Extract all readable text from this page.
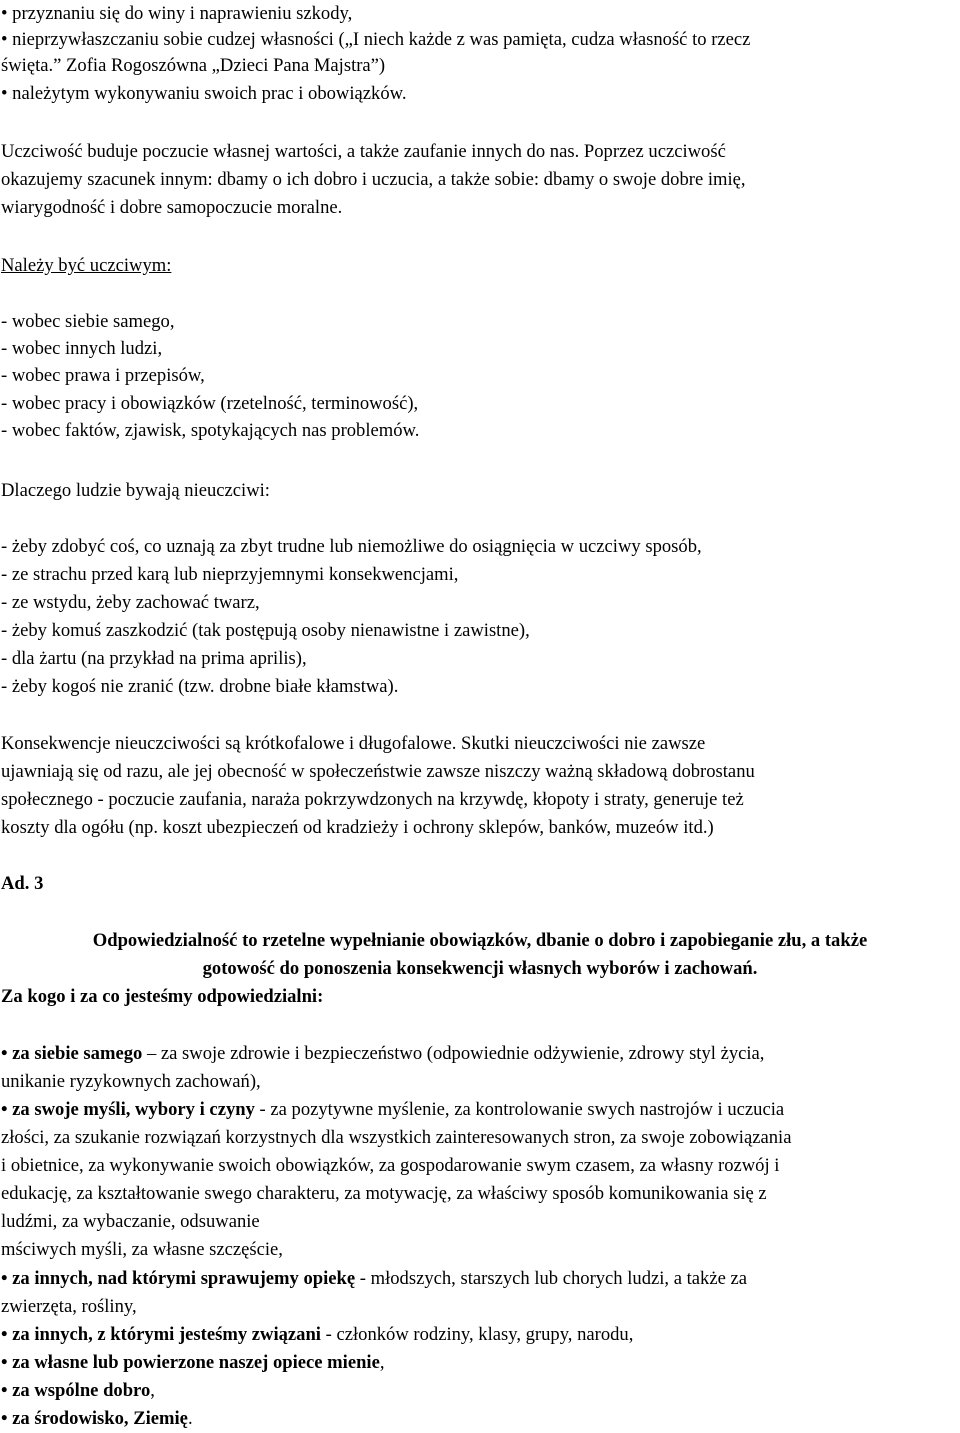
• przyznaniu się do winy i naprawieniu szkody,
• nieprzywłaszczaniu sobie cudzej własności („I niech każde z was pamięta, cudza własność to rzecz
święta.” Zofia Rogoszówna „Dzieci Pana Majstra”)
• należytym wykonywaniu swoich prac i obowiązków.
Uczciwość buduje poczucie własnej wartości, a także zaufanie innych do nas. Poprzez uczciwość
okazujemy szacunek innym: dbamy o ich dobro i uczucia, a także sobie: dbamy o swoje dobre imię,
wiarygodność i dobre samopoczucie moralne.
Należy być uczciwym:
- wobec siebie samego,
- wobec innych ludzi,
- wobec prawa i przepisów,
- wobec pracy i obowiązków (rzetelność, terminowość),
- wobec faktów, zjawisk, spotykających nas problemów.
Dlaczego ludzie bywają nieuczciwi:
- żeby zdobyć coś, co uznają za zbyt trudne lub niemożliwe do osiągnięcia w uczciwy sposób,
- ze strachu przed karą lub nieprzyjemnymi konsekwencjami,
- ze wstydu, żeby zachować twarz,
- żeby komuś zaszkodzić (tak postępują osoby nienawistne i zawistne),
- dla żartu (na przykład na prima aprilis),
- żeby kogoś nie zranić (tzw. drobne białe kłamstwa).
Konsekwencje nieuczciwości są krótkofalowe i długofalowe. Skutki nieuczciwości nie zawsze
ujawniają się od razu, ale jej obecność w społeczeństwie zawsze niszczy ważną składową dobrostanu
społecznego - poczucie zaufania, naraża pokrzywdzonych na krzywdę, kłopoty i straty, generuje też
koszty dla ogółu (np. koszt ubezpieczeń od kradzieży i ochrony sklepów, banków, muzeów itd.)
Ad. 3
Odpowiedzialność to rzetelne wypełnianie obowiązków, dbanie o dobro i zapobieganie złu, a także
gotowość do ponoszenia konsekwencji własnych wyborów i zachowań.
Za kogo i za co jesteśmy odpowiedzialni:
• za siebie samego – za swoje zdrowie i bezpieczeństwo (odpowiednie odżywienie, zdrowy styl życia,
unikanie ryzykownych zachowań),
• za swoje myśli, wybory i czyny - za pozytywne myślenie, za kontrolowanie swych nastrojów i uczucia
złości, za szukanie rozwiązań korzystnych dla wszystkich zainteresowanych stron, za swoje zobowiązania
i obietnice, za wykonywanie swoich obowiązków, za gospodarowanie swym czasem, za własny rozwój i
edukację, za kształtowanie swego charakteru, za motywację, za właściwy sposób komunikowania się z
ludźmi, za wybaczanie, odsuwanie
mściwych myśli, za własne szczęście,
• za innych, nad którymi sprawujemy opiekę - młodszych, starszych lub chorych ludzi, a także za
zwierzęta, rośliny,
• za innych, z którymi jesteśmy związani - członków rodziny, klasy, grupy, narodu,
• za własne lub powierzone naszej opiece mienie,
• za wspólne dobro,
• za środowisko, Ziemię.
